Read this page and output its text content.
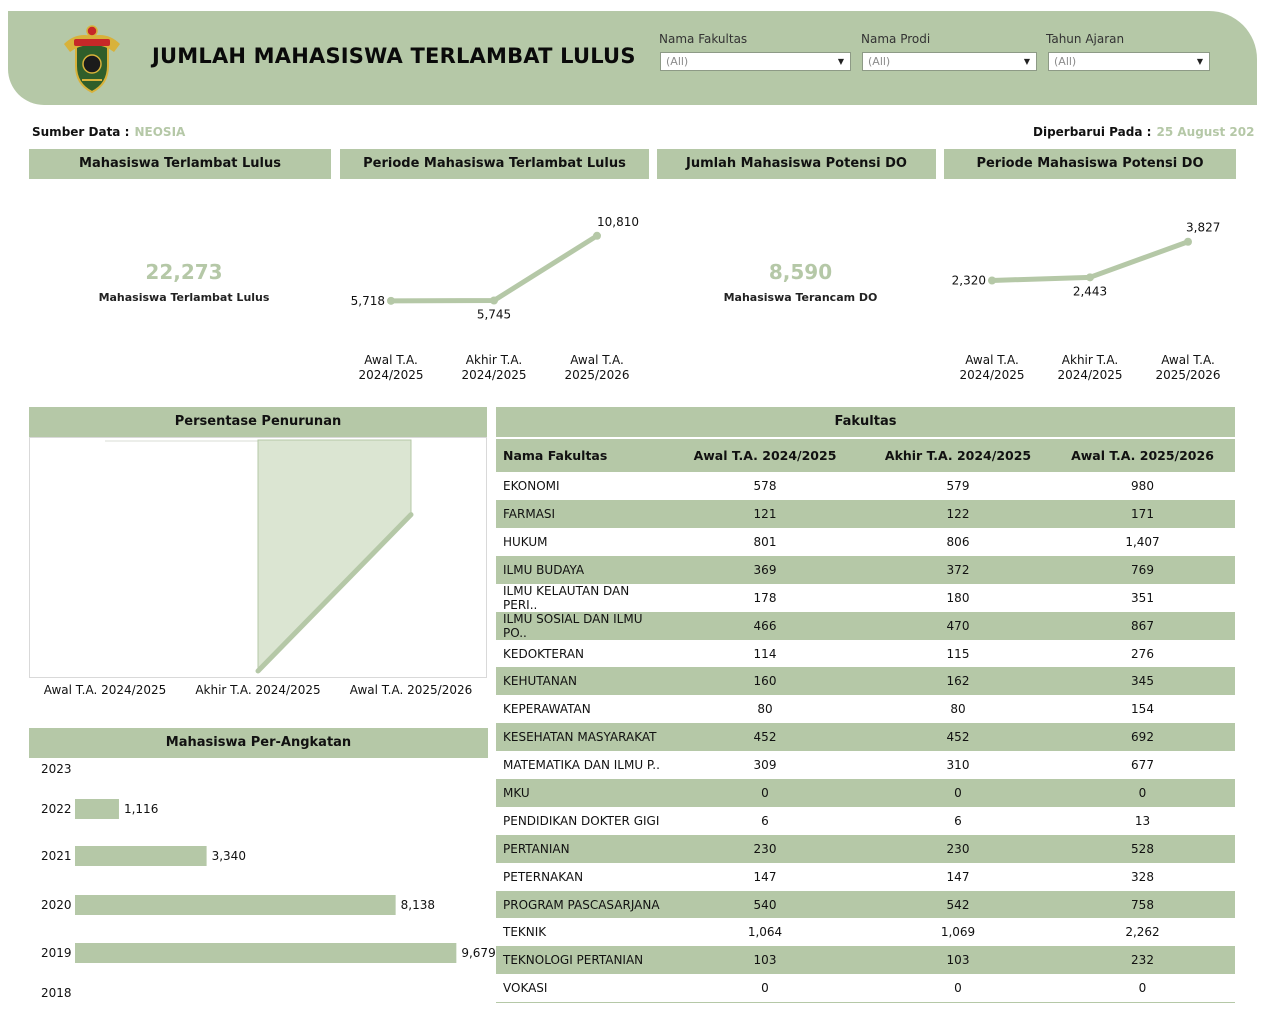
JUMLAH MAHASISWA TERLAMBAT LULUS
Nama Fakultas
(All)	▼
Nama Prodi
(All)	▼
Tahun Ajaran
(All)	▼
Sumber Data : NEOSIA	Diperbarui Pada : 25 August 202
Mahasiswa Terlambat Lulus
22,273
Mahasiswa Terlambat Lulus
Periode Mahasiswa Terlambat Lulus
5,718
5,745
10,810
Awal T.A.
2024/2025
Akhir T.A.
2024/2025
Awal T.A.
2025/2026
Jumlah Mahasiswa Potensi DO
8,590
Mahasiswa Terancam DO
Periode Mahasiswa Potensi DO
2,320
2,443
3,827
Awal T.A.
2024/2025
Akhir T.A.
2024/2025
Awal T.A.
2025/2026
Persentase Penurunan
Awal T.A. 2024/2025 Akhir T.A. 2024/2025 Awal T.A. 2025/2026
Mahasiswa Per-Angkatan
2023
2022	1,116
2021	3,340
2020	8,138
2019	9,679
2018
Fakultas
Nama Fakultas	Awal T.A. 2024/2025	Akhir T.A. 2024/2025	Awal T.A. 2025/2026
EKONOMI	578	579	980
FARMASI	121	122	171
HUKUM	801	806	1,407
ILMU BUDAYA	369	372	769
ILMU KELAUTAN DAN PERI..	178	180	351
ILMU SOSIAL DAN ILMU PO..	466	470	867
KEDOKTERAN	114	115	276
KEHUTANAN	160	162	345
KEPERAWATAN	80	80	154
KESEHATAN MASYARAKAT	452	452	692
MATEMATIKA DAN ILMU P..	309	310	677
MKU	0	0	0
PENDIDIKAN DOKTER GIGI	6	6	13
PERTANIAN	230	230	528
PETERNAKAN	147	147	328
PROGRAM PASCASARJANA	540	542	758
TEKNIK	1,064	1,069	2,262
TEKNOLOGI PERTANIAN	103	103	232
VOKASI	0	0	0
